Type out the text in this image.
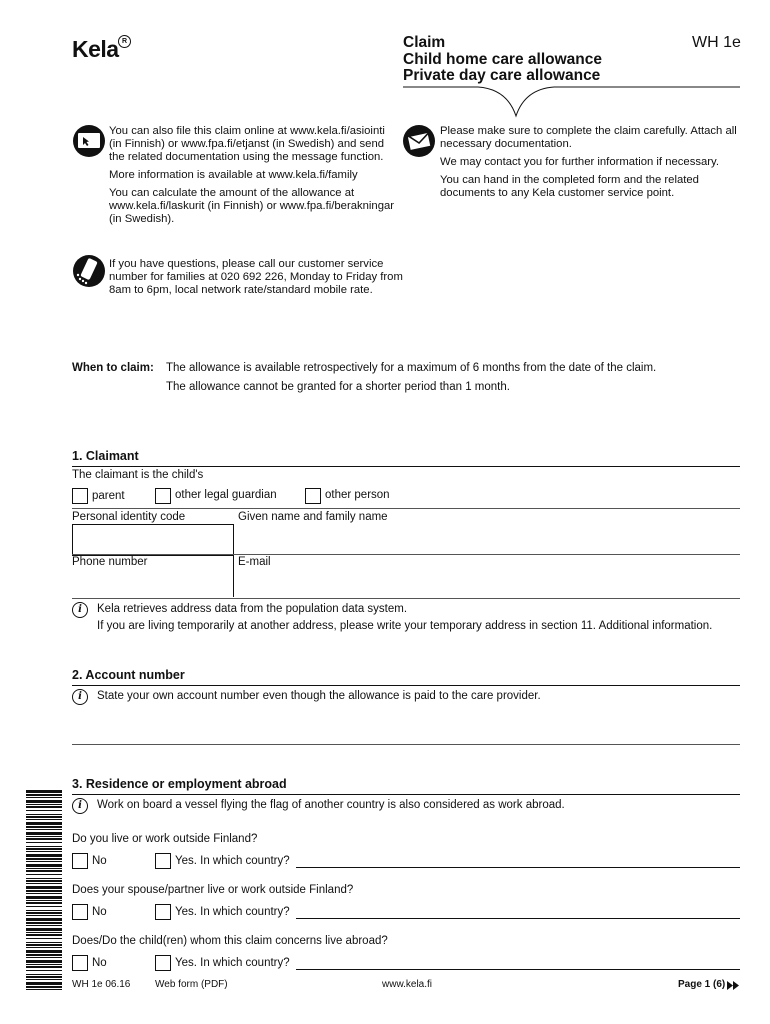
Kela R	Claim
Child home care allowance
Private day care allowance
WH 1e

You can also file this claim online at www.kela.fi/asiointi (in Finnish) or www.fpa.fi/etjanst (in Swedish) and send the related documentation using the message function.

More information is available at www.kela.fi/family

You can calculate the amount of the allowance at www.kela.fi/laskurit (in Finnish) or www.fpa.fi/berakningar (in Swedish).

If you have questions, please call our customer service number for families at 020 692 226, Monday to Friday from 8am to 6pm, local network rate/standard mobile rate.

Please make sure to complete the claim carefully. Attach all necessary documentation.

We may contact you for further information if necessary.

You can hand in the completed form and the related documents to any Kela customer service point.

When to claim: The allowance is available retrospectively for a maximum of 6 months from the date of the claim.
The allowance cannot be granted for a shorter period than 1 month.
1. Claimant
The claimant is the child's
parent	other legal guardian	other person
Personal identity code	Given name and family name
Phone number	E-mail
i	Kela retrieves address data from the population data system.
If you are living temporarily at another address, please write your temporary address in section 11. Additional information.
2. Account number
i	State your own account number even though the allowance is paid to the care provider.
3. Residence or employment abroad
i	Work on board a vessel flying the flag of another country is also considered as work abroad.
Do you live or work outside Finland?
No	Yes. In which country?
Does your spouse/partner live or work outside Finland?
No	Yes. In which country?
Does/Do the child(ren) whom this claim concerns live abroad?
No	Yes. In which country?
WH 1e 06.16 Web form (PDF)	www.kela.fi	Page 1 (6)
